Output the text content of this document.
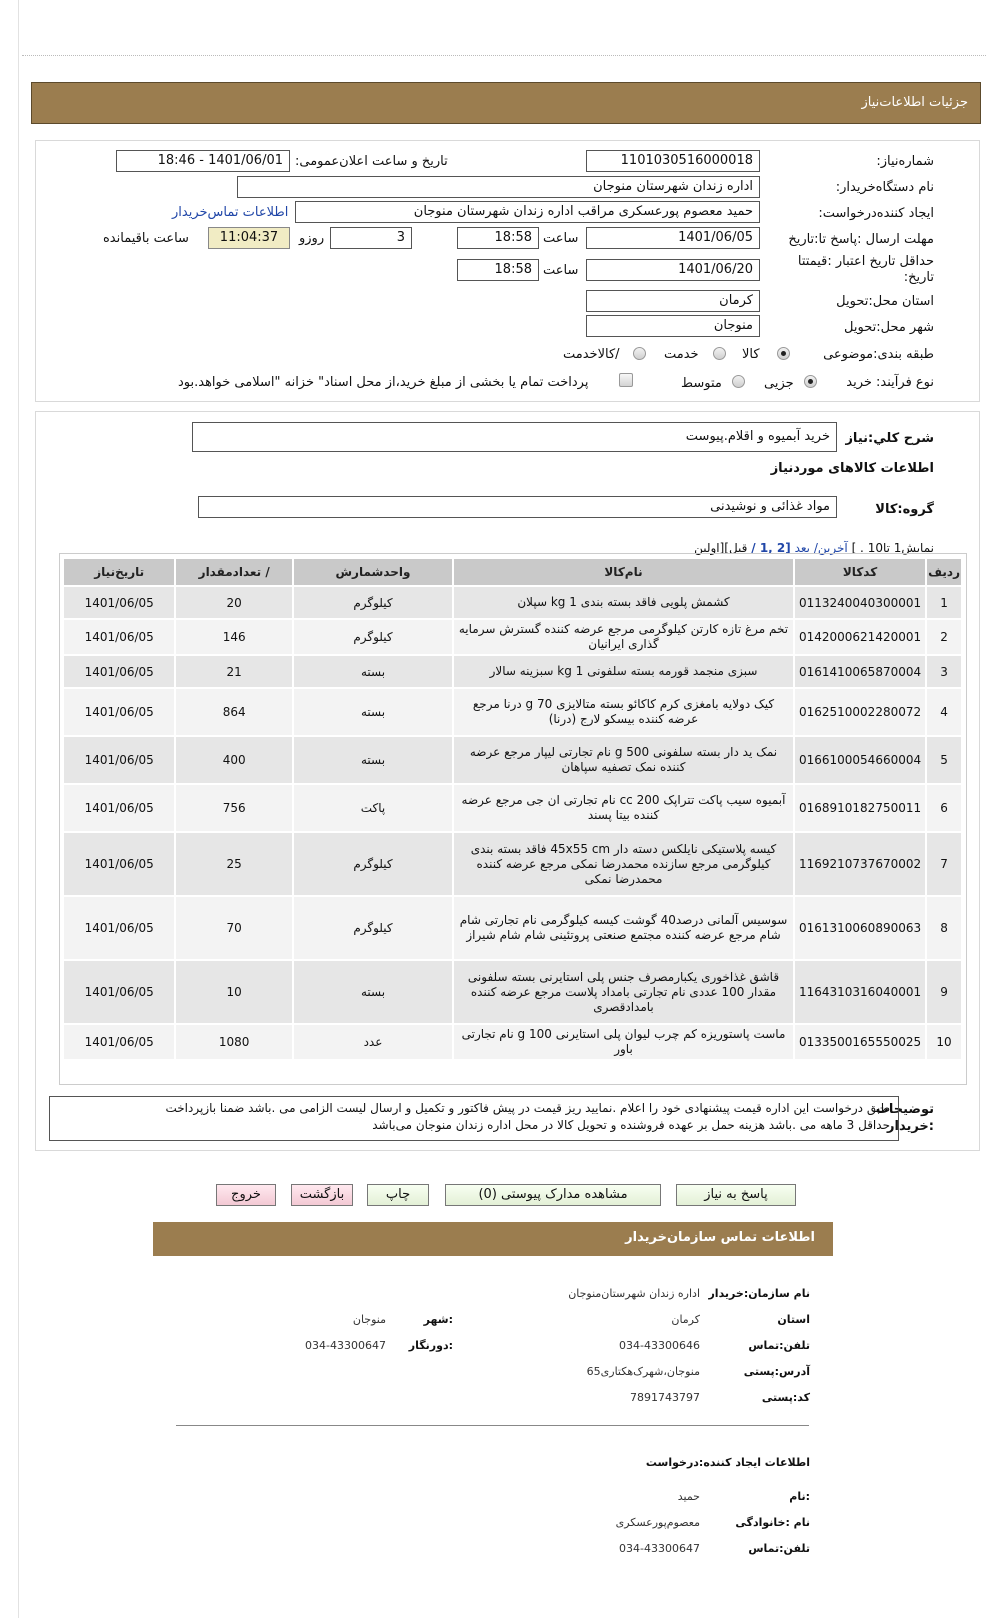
جزئیات اطلاعات‌نیاز
شماره‌نیاز:
1101030516000018
تاریخ و ساعت اعلان‌عمومی:
1401/06/01 - 18:46
نام دستگاه‌خریدار:
اداره زندان شهرستان منوجان
ایجاد کننده‌درخواست:
حمید معصوم پورعسکری مراقب اداره زندان شهرستان منوجان
اطلاعات تماس‌خریدار
مهلت ارسال :پاسخ تا:تاریخ
1401/06/05
ساعت
18:58
3
روزو
11:04:37
ساعت باقیمانده
حداقل تاریخ اعتبار :قیمتتا تاریخ:
1401/06/20
ساعت
18:58
استان محل:تحویل
کرمان
شهر محل:تحویل
منوجان
طبقه بندی:موضوعی
کالا
خدمت
/کالاخدمت
نوع فرآیند: خرید
جزیی
متوسط
پرداخت تمام یا بخشی از مبلغ خرید،از محل اسناد" خزانه "اسلامی خواهد.بود
شرح کلي:نياز
خرید آبمیوه و اقلام.پیوست
اطلاعات کالاهای موردنیاز
گروه:کالا
مواد غذائی و نوشیدنی
نمایش1 تا10 . ] آخرین/ بعد [2 ,1 / قبل][اولین
ردیف	کدکالا	نام‌کالا	واحدشمارش	/ تعداد‌مقدار	تاریخ‌نیاز
1	0113240040300001	کشمش پلویی فاقد بسته بندی 1 kg سپلان	کیلوگرم	20	1401/06/05
2	0142000621420001	تخم مرغ تازه کارتن کیلوگرمی مرجع عرضه کننده گسترش سرمایه گذاری ایرانیان	کیلوگرم	146	1401/06/05
3	0161410065870004	سبزی منجمد قورمه بسته سلفونی 1 kg سبزینه سالار	بسته	21	1401/06/05
4	0162510002280072	کیک دولایه بامغزی کرم کاکائو بسته متالایزی 70 g درنا مرجع عرضه کننده بیسکو لارج (درنا)	بسته	864	1401/06/05
5	0166100054660004	نمک ید دار بسته سلفونی 500 g نام تجارتی لیپار مرجع عرضه کننده نمک تصفیه سپاهان	بسته	400	1401/06/05
6	0168910182750011	آبمیوه سیب پاکت تتراپک 200 cc نام تجارتی ان جی مرجع عرضه کننده بیتا پسند	پاکت	756	1401/06/05
7	1169210737670002	کیسه پلاستیکی نایلکس دسته دار 45x55 cm فاقد بسته بندی کیلوگرمی مرجع سازنده محمدرضا نمکی مرجع عرضه کننده محمدرضا نمکی	کیلوگرم	25	1401/06/05
8	0161310060890063	سوسیس آلمانی درصد40 گوشت کیسه کیلوگرمی نام تجارتی شام شام مرجع عرضه کننده مجتمع صنعتی پروتئینی شام شام شیراز	کیلوگرم	70	1401/06/05
9	1164310316040001	قاشق غذاخوری یکبارمصرف جنس پلی استایرنی بسته سلفونی مقدار 100 عددی نام تجارتی بامداد پلاست مرجع عرضه کننده بامدادقصری	بسته	10	1401/06/05
10	0133500165550025	ماست پاستوریزه کم چرب لیوان پلی استایرنی 100 g نام تجارتی باور	عدد	1080	1401/06/05
توضیحات :خریدار
طبق درخواست این اداره قیمت پیشنهادی خود را اعلام .نمایید ریز قیمت در پیش فاکتور و تکمیل و ارسال لیست الزامی می .باشد ضمنا بازپرداخت
حداقل 3 ماهه می .باشد هزینه حمل بر عهده فروشنده و تحویل کالا در محل اداره زندان منوجان می‌باشد
پاسخ به نیاز
مشاهده مدارک پیوستی (0)
چاپ
بازگشت
خروج
اطلاعات تماس سازمان‌خریدار
نام سازمان:خریدار
اداره زندان شهرستان‌منوجان
استان
کرمان
:شهر
منوجان
تلفن:تماس
034-43300646
:دورنگار
034-43300647
آدرس:پستی
منوجان،شهرک‌هکتاری65
کد:پستی
7891743797
اطلاعات ایجاد کننده:درخواست
:نام
حمید
نام :خانوادگی
معصوم‌پورعسکری
تلفن:تماس
034-43300647
